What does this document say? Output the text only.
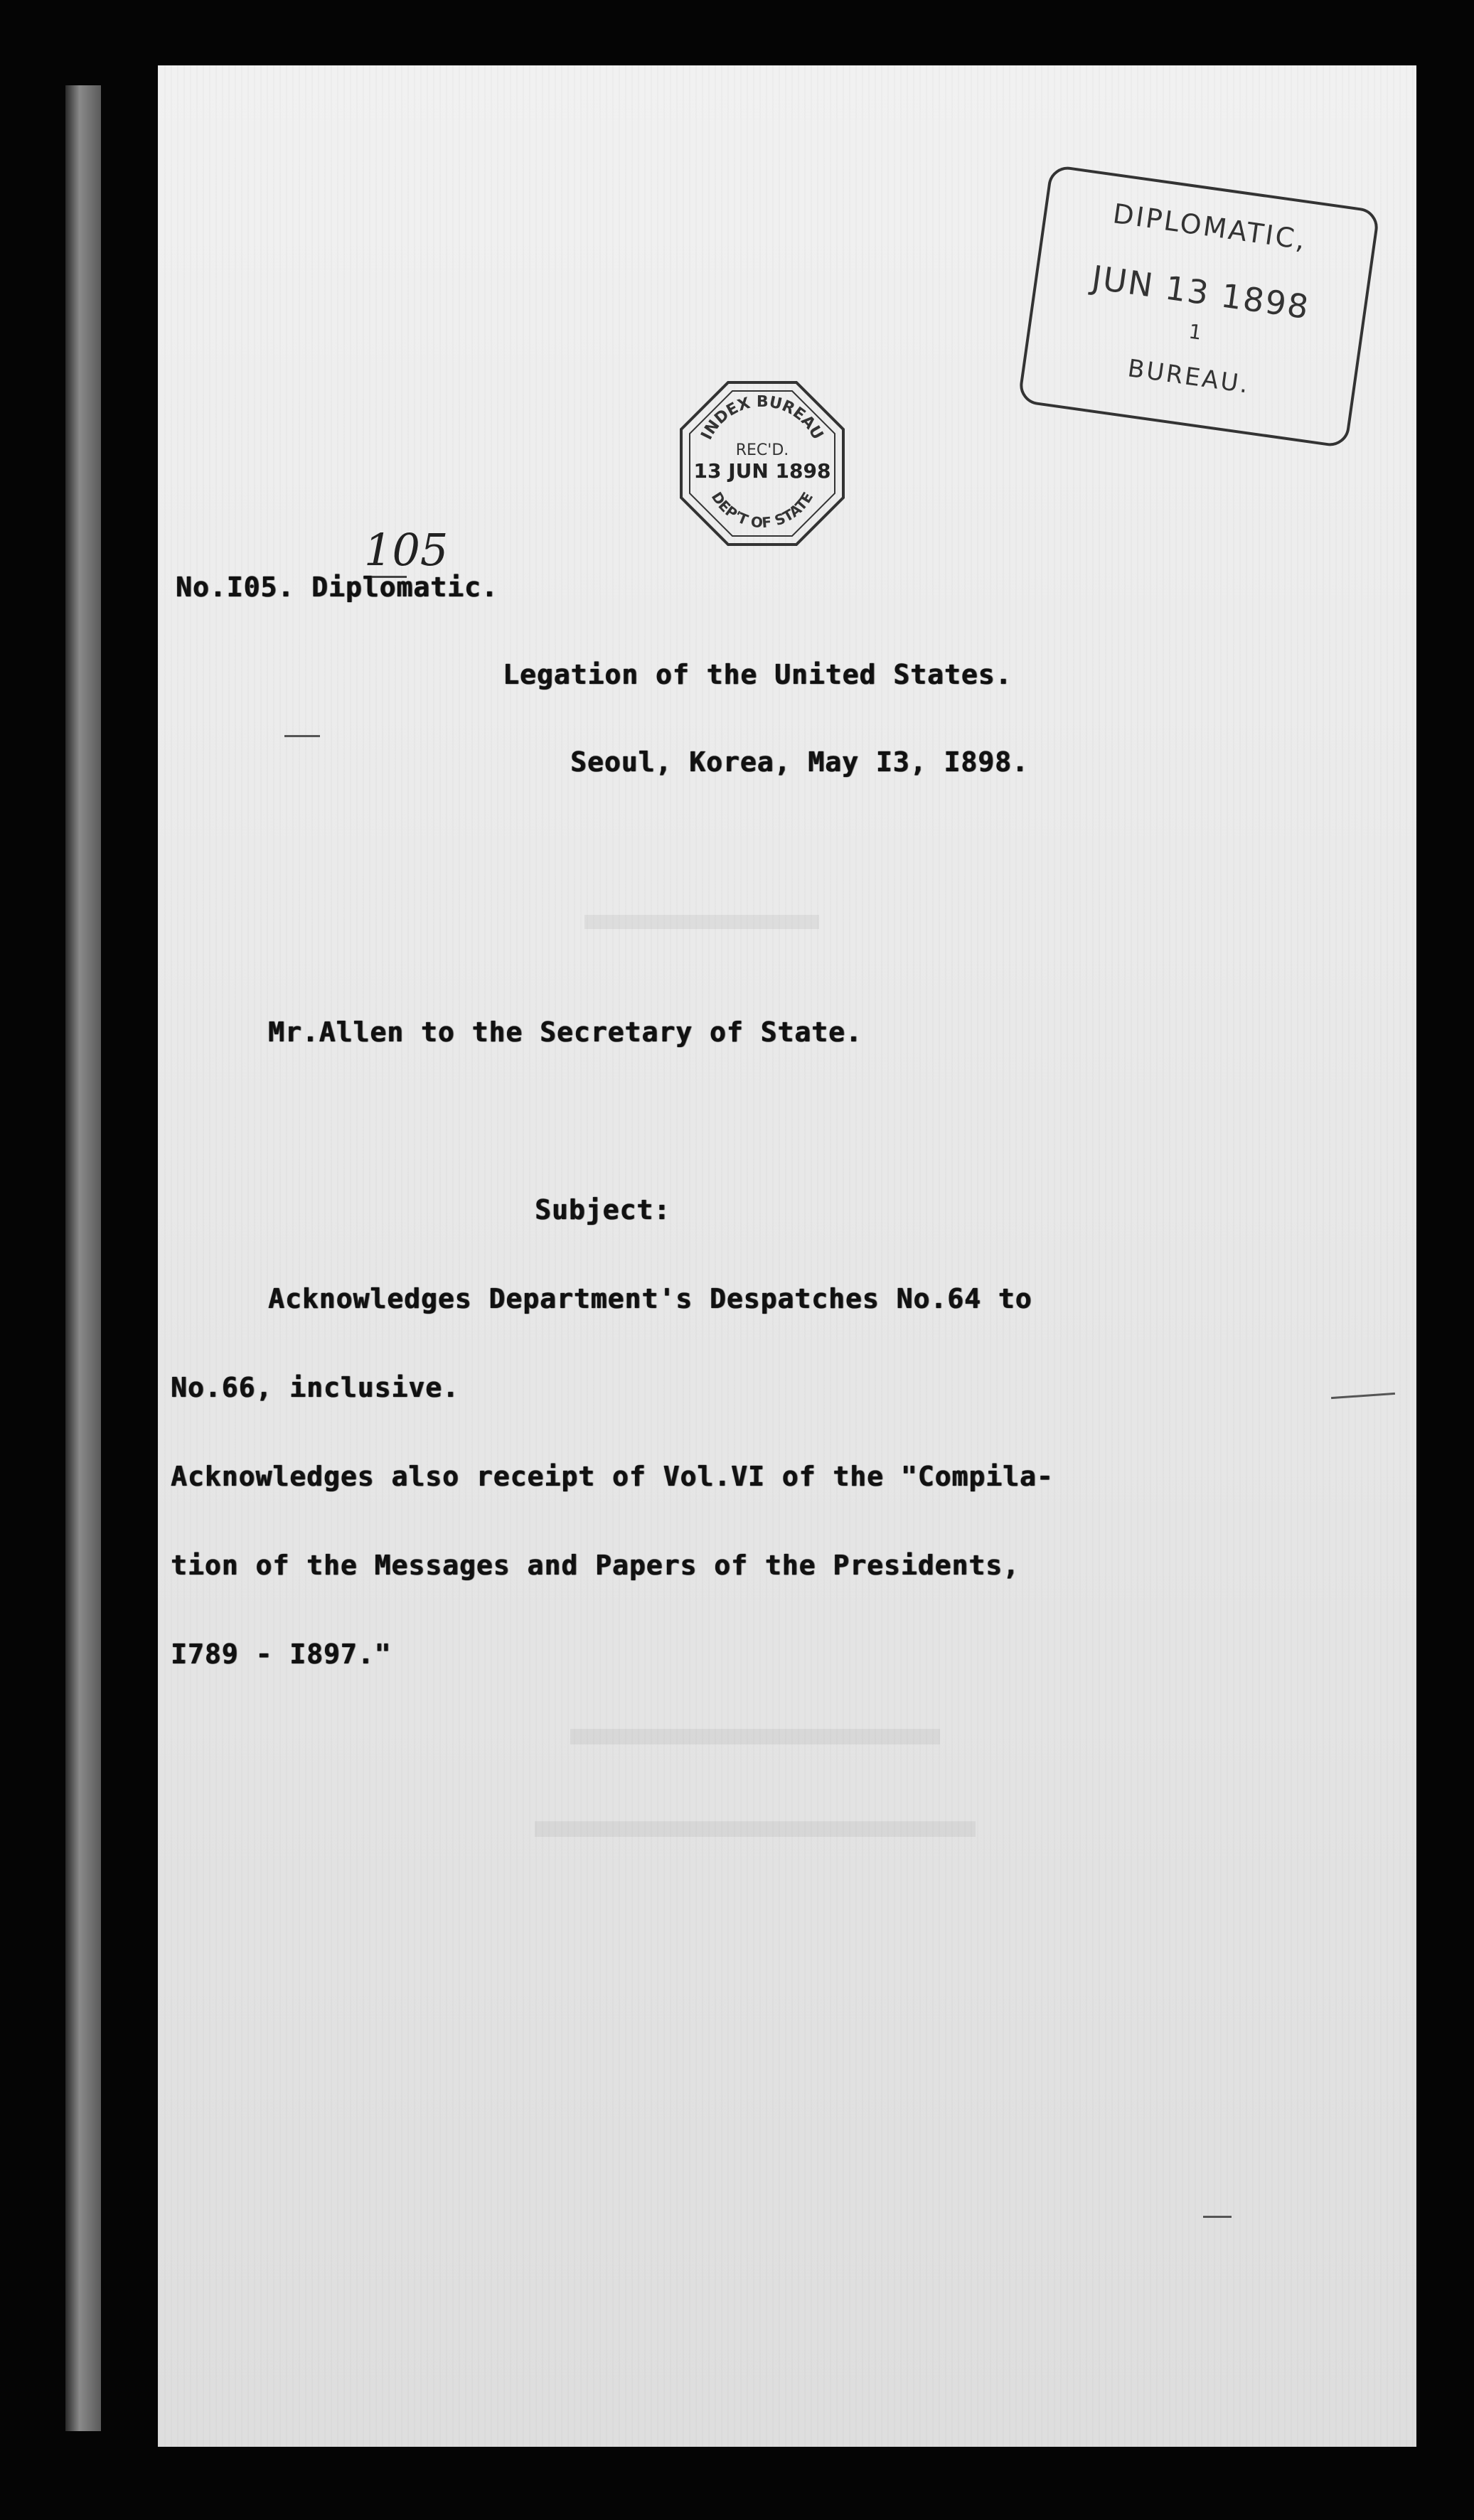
DIPLOMATIC,
JUN 13 1898
1
BUREAU.
INDEX BUREAU
REC'D.
13 JUN 1898
DEP'T OF STATE
105

No.I05. Diplomatic.

Legation of the United States.

Seoul, Korea, May I3, I898.

Mr.Allen to the Secretary of State.

Subject:

Acknowledges Department's Despatches No.64 to

No.66, inclusive.

Acknowledges also receipt of Vol.VI of the "Compila-

tion of the Messages and Papers of the Presidents,

I789 - I897."
